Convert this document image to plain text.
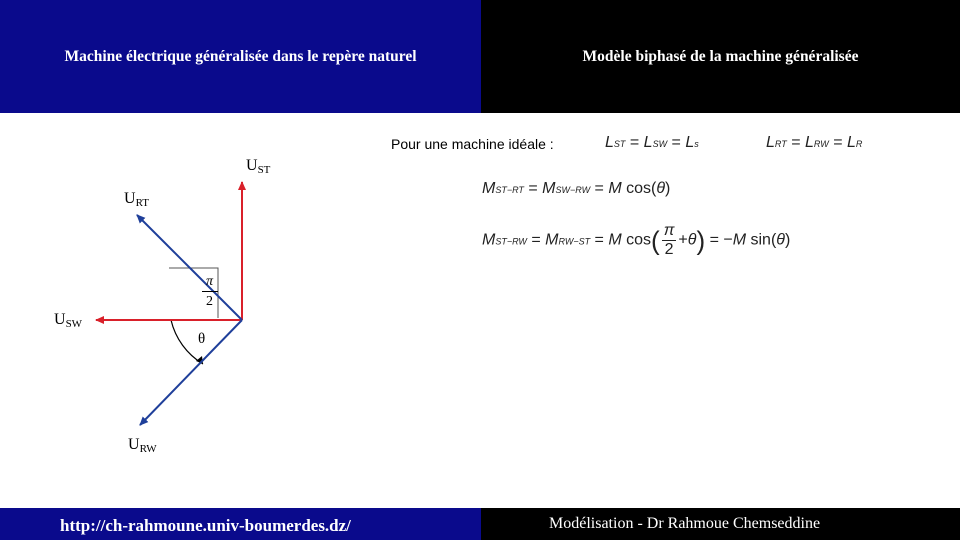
Machine électrique généralisée dans le repère naturel	Modèle biphasé de la machine généralisée
$U_{ST}$
$U_{RT}$
$U_{SW}$
$U_{RW}$
θ
π
2
Pour une machine idéale :	LST = LSW = Ls	LRT = LRW = LR
MST−RT = MSW−RW = M cos(θ)
MST−RW = MRW−ST = M $\cos( \frac{\pi}{2} +\theta) = -M$ sin(θ)
http://ch-rahmoune.univ-boumerdes.dz/	Modélisation - Dr Rahmoue Chemseddine
